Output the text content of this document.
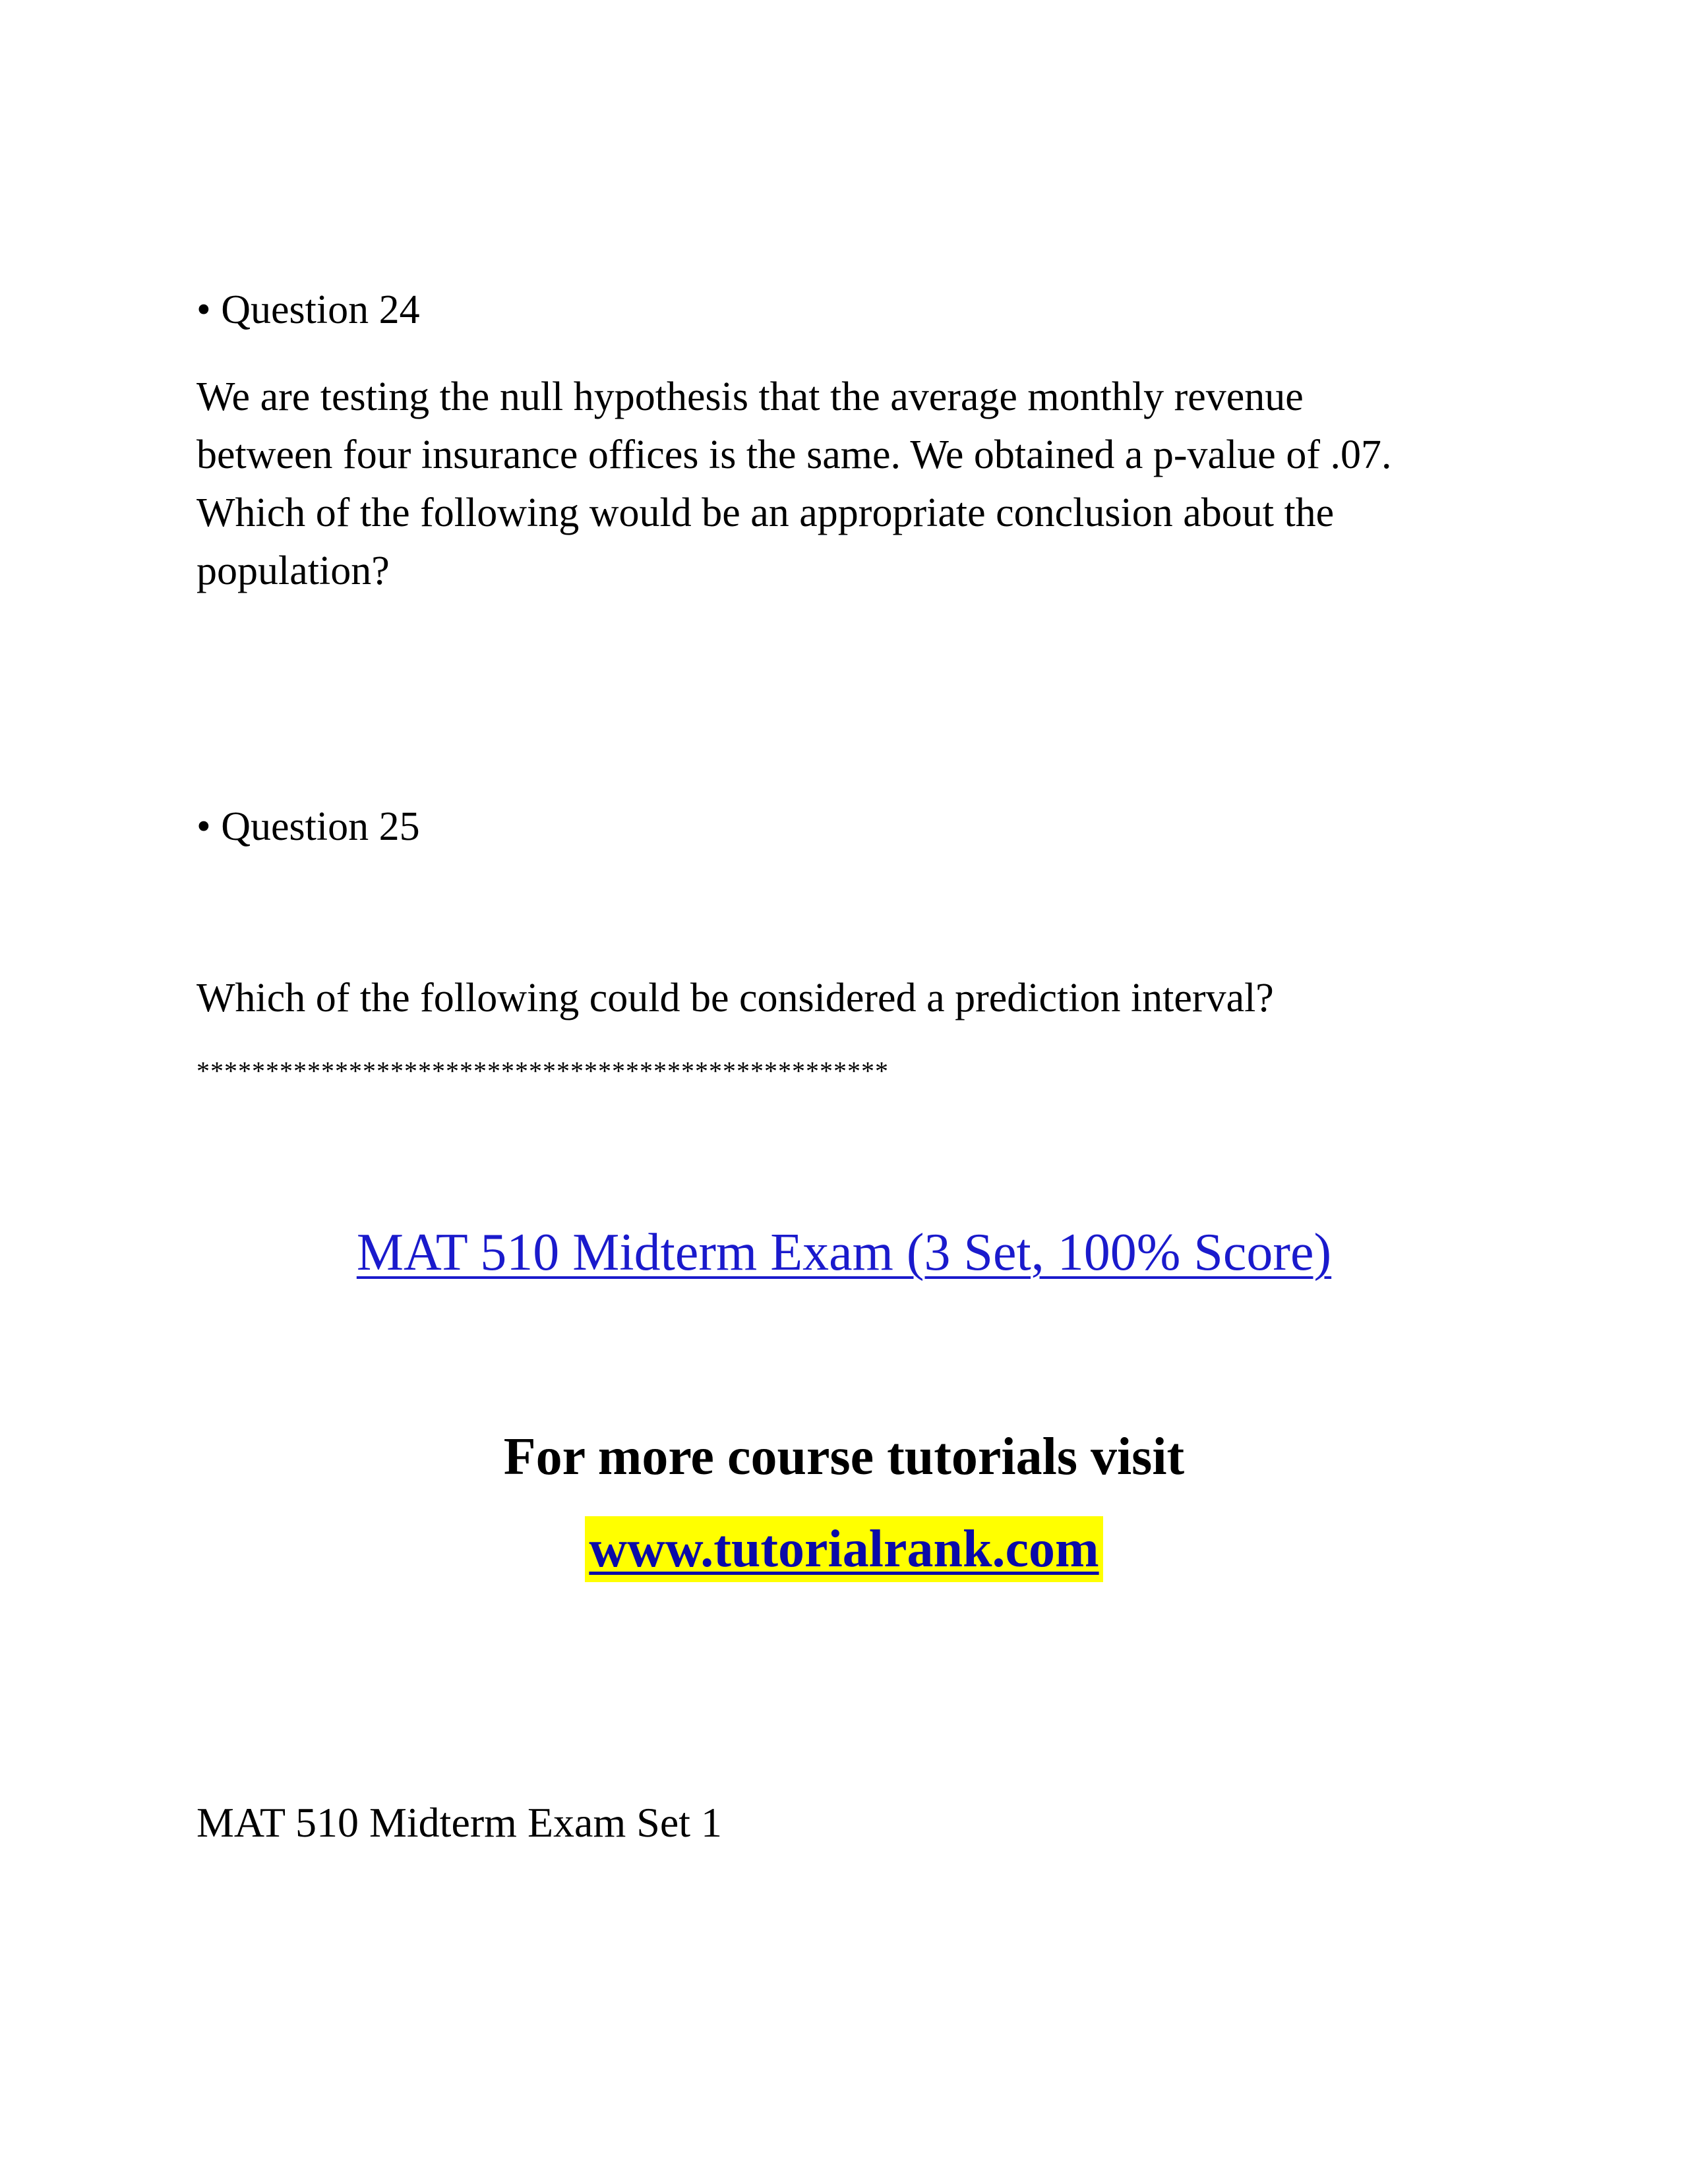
• Question 24

We are testing the null hypothesis that the average monthly revenue
between four insurance offices is the same. We obtained a p-value of .07.
Which of the following would be an appropriate conclusion about the
population?

• Question 25

Which of the following could be considered a prediction interval?

**************************************************

MAT 510 Midterm Exam (3 Set, 100% Score)

For more course tutorials visit

www.tutorialrank.com

MAT 510 Midterm Exam Set 1
